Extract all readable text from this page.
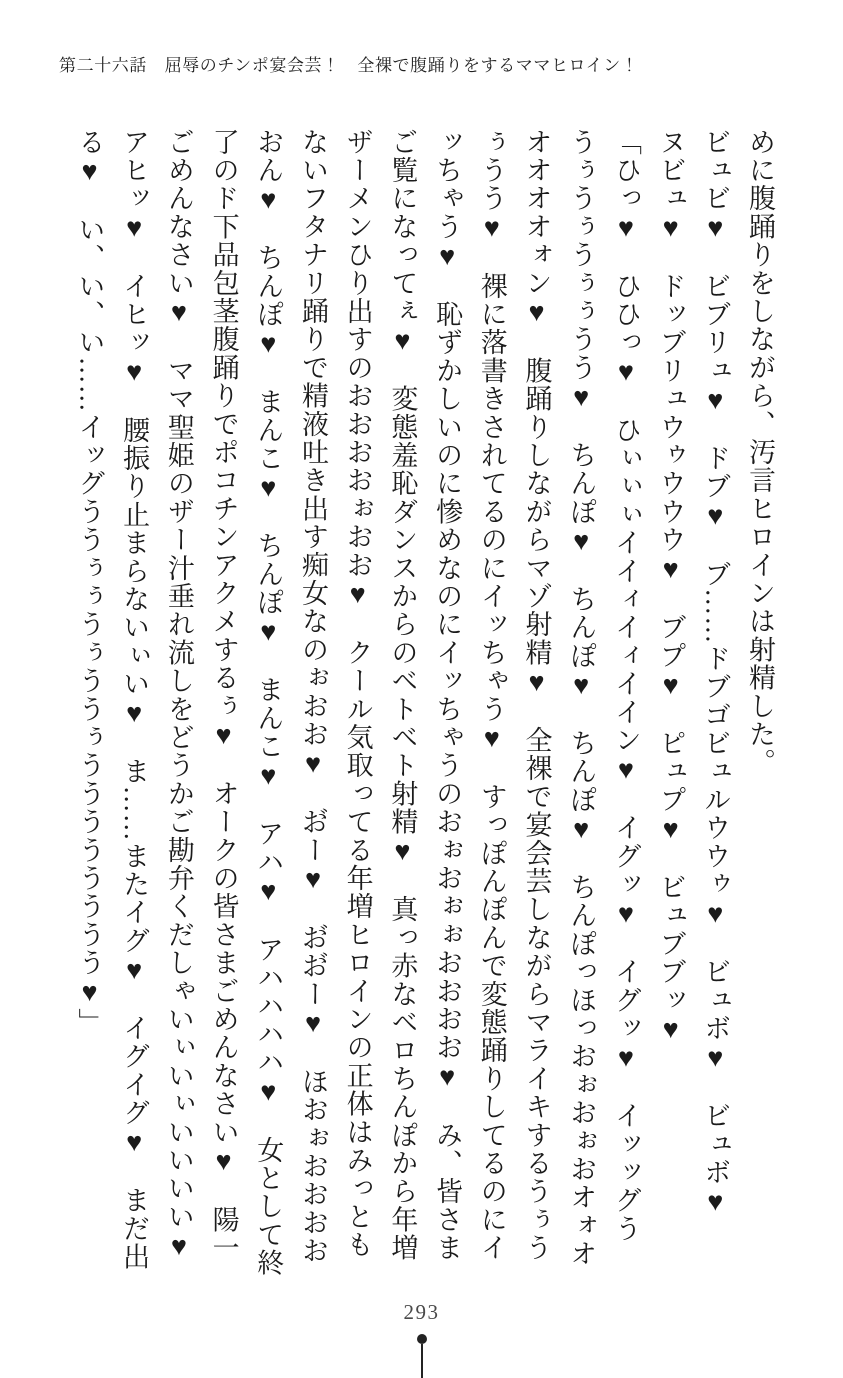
第二十六話　屈辱のチンポ宴会芸！　全裸で腹踊りをするママヒロイン！

めに腹踊りをしながら、汚言ヒロインは射精した。

ビュビ♥　ビブリュ♥　ドブ♥　ブ……ドブゴビュルウウゥ♥　ビュボ♥　ビュボ♥

ヌビュ♥　ドッブリュウゥウウウ♥　ブプ♥　ピュプ♥　ビュブブッ♥

「ひっ♥　ひひっ♥　ひぃぃぃイイィイィイイン♥　イグッ♥　イグッ♥　イッッグう

うぅうぅうぅぅうう♥　ちんぽ♥　ちんぽ♥　ちんぽ♥　ちんぽっほっおぉおぉおオォオ

オオオオォン♥　腹踊りしながらマゾ射精♥　全裸で宴会芸しながらマライキするうぅう

ぅうう♥　裸に落書きされてるのにイッちゃう♥　すっぽんぽんで変態踊りしてるのにイ

ッちゃう♥　恥ずかしいのに惨めなのにイッちゃうのおぉおぉぉおおおお♥　み、皆さま

ご覧になってぇ♥　変態羞恥ダンスからのベトベト射精♥　真っ赤なベロちんぽから年増

ザーメンひり出すのおおおおぉおお♥　クール気取ってる年増ヒロインの正体はみっとも

ないフタナリ踊りで精液吐き出す痴女なのぉおお♥　お゙ー♥　お゙お゙ー♥　ほおぉおおおお

おん♥　ちんぽ♥　まんこ♥　ちんぽ♥　まんこ♥　アハ♥　アハハハハ♥　女として終

了のド下品包茎腹踊りでポコチンアクメするぅ♥　オークの皆さまごめんなさい♥　陽一

ごめんなさい♥　ママ聖姫のザー汁垂れ流しをどうかご勘弁くだしゃいぃいぃいいいい♥

アヒッ♥　イヒッ♥　腰振り止まらないぃい♥　ま……またイグ♥　イグイグ♥　まだ出

る♥　い、い、い……イッグううぅぅうぅううぅうううううううう♥」

293
